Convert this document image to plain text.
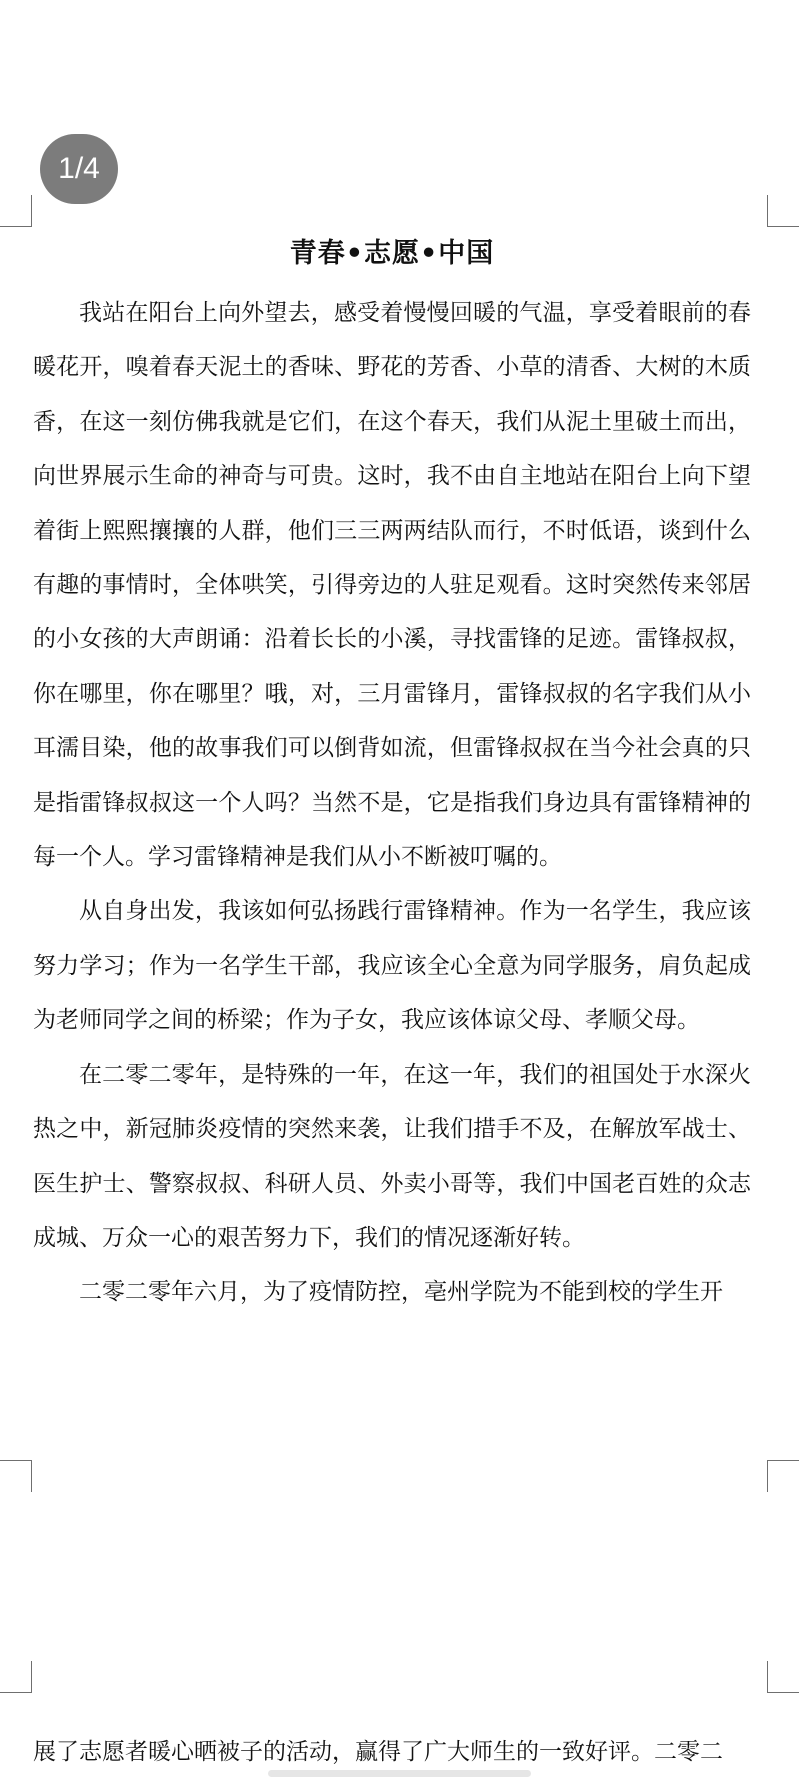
1/4
青春•志愿•中国

我站在阳台上向外望去，感受着慢慢回暖的气温，享受着眼前的春暖花开，嗅着春天泥土的香味、野花的芳香、小草的清香、大树的木质香，在这一刻仿佛我就是它们，在这个春天，我们从泥土里破土而出，向世界展示生命的神奇与可贵。这时，我不由自主地站在阳台上向下望着街上熙熙攘攘的人群，他们三三两两结队而行，不时低语，谈到什么有趣的事情时，全体哄笑，引得旁边的人驻足观看。这时突然传来邻居的小女孩的大声朗诵：沿着长长的小溪，寻找雷锋的足迹。雷锋叔叔，你在哪里，你在哪里？哦，对，三月雷锋月，雷锋叔叔的名字我们从小耳濡目染，他的故事我们可以倒背如流，但雷锋叔叔在当今社会真的只是指雷锋叔叔这一个人吗？当然不是，它是指我们身边具有雷锋精神的每一个人。学习雷锋精神是我们从小不断被叮嘱的。

从自身出发，我该如何弘扬践行雷锋精神。作为一名学生，我应该努力学习；作为一名学生干部，我应该全心全意为同学服务，肩负起成为老师同学之间的桥梁；作为子女，我应该体谅父母、孝顺父母。

在二零二零年，是特殊的一年，在这一年，我们的祖国处于水深火热之中，新冠肺炎疫情的突然来袭，让我们措手不及，在解放军战士、医生护士、警察叔叔、科研人员、外卖小哥等，我们中国老百姓的众志成城、万众一心的艰苦努力下，我们的情况逐渐好转。

二零二零年六月，为了疫情防控，亳州学院为不能到校的学生开

展了志愿者暖心晒被子的活动，赢得了广大师生的一致好评。二零二
